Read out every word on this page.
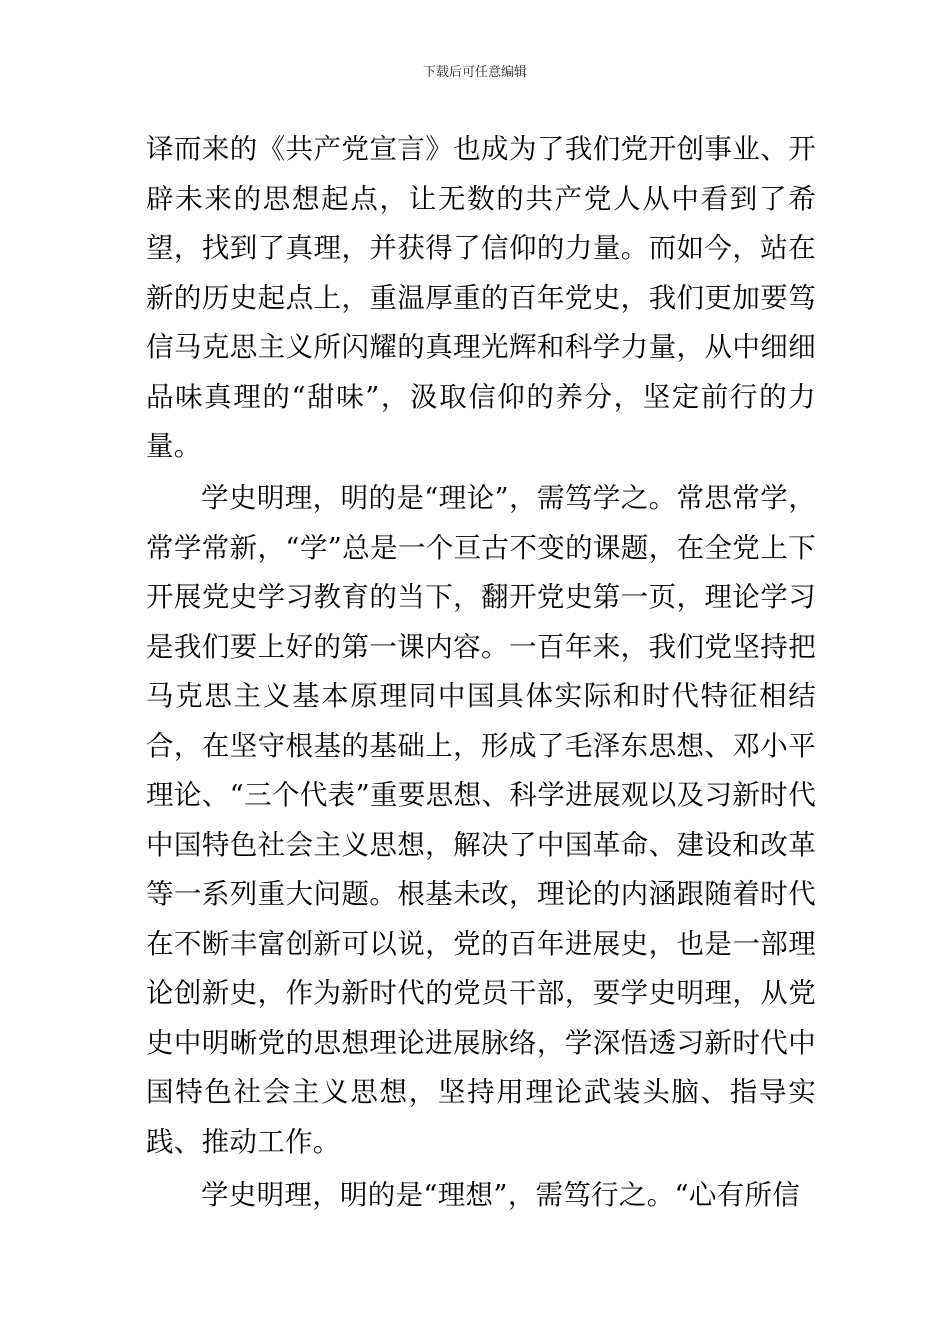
下载后可任意编辑

译而来的《共产党宣言》也成为了我们党开创事业、开辟未来的思想起点，让无数的共产党人从中看到了希望，找到了真理，并获得了信仰的力量。而如今，站在新的历史起点上，重温厚重的百年党史，我们更加要笃信马克思主义所闪耀的真理光辉和科学力量，从中细细品味真理的“甜味”，汲取信仰的养分，坚定前行的力量。

学史明理，明的是“理论”，需笃学之。常思常学，常学常新，“学”总是一个亘古不变的课题，在全党上下开展党史学习教育的当下，翻开党史第一页，理论学习是我们要上好的第一课内容。一百年来，我们党坚持把马克思主义基本原理同中国具体实际和时代特征相结合，在坚守根基的基础上，形成了毛泽东思想、邓小平理论、“三个代表”重要思想、科学进展观以及习新时代中国特色社会主义思想，解决了中国革命、建设和改革等一系列重大问题。根基未改，理论的内涵跟随着时代在不断丰富创新可以说，党的百年进展史，也是一部理论创新史，作为新时代的党员干部，要学史明理，从党史中明晰党的思想理论进展脉络，学深悟透习新时代中国特色社会主义思想，坚持用理论武装头脑、指导实践、推动工作。

学史明理，明的是“理想”，需笃行之。“心有所信
